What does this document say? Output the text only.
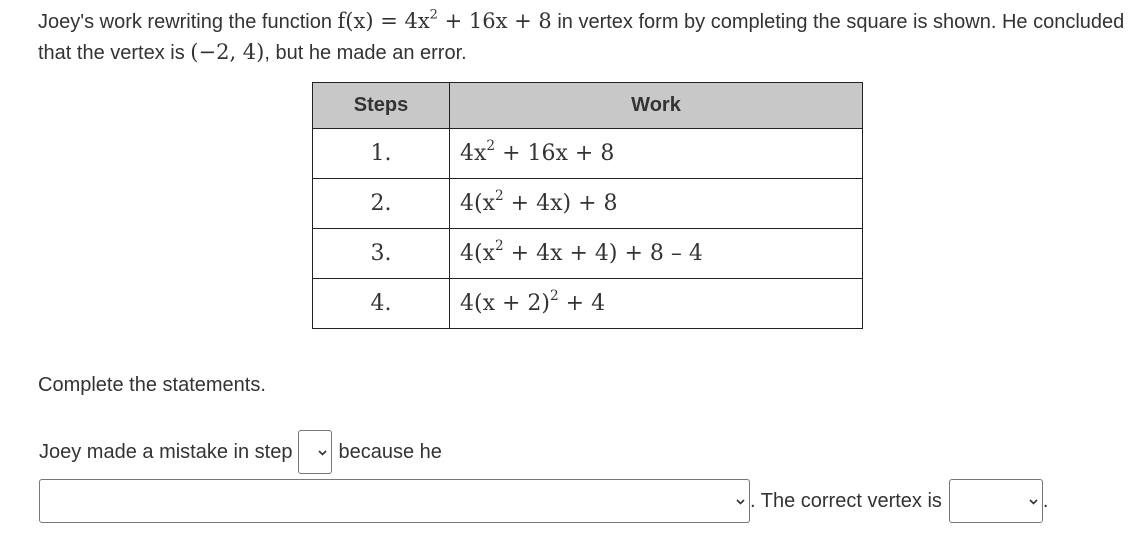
Joey's work rewriting the function $f(x) = 4x^2 + 16x + 8$ in vertex form by completing the square is shown. He concluded that the vertex is (−2, 4), but he made an error.
Steps	Work
1.	$4x^2 + 16x + 8$
2.	$4(x^2 + 4x) + 8$
3.	$4(x^2 + 4x + 4) + 8 - 4$
4.	$4(x + 2)^2 + 4$
Complete the statements.
Joey made a mistake in step because he
. The correct vertex is	.
